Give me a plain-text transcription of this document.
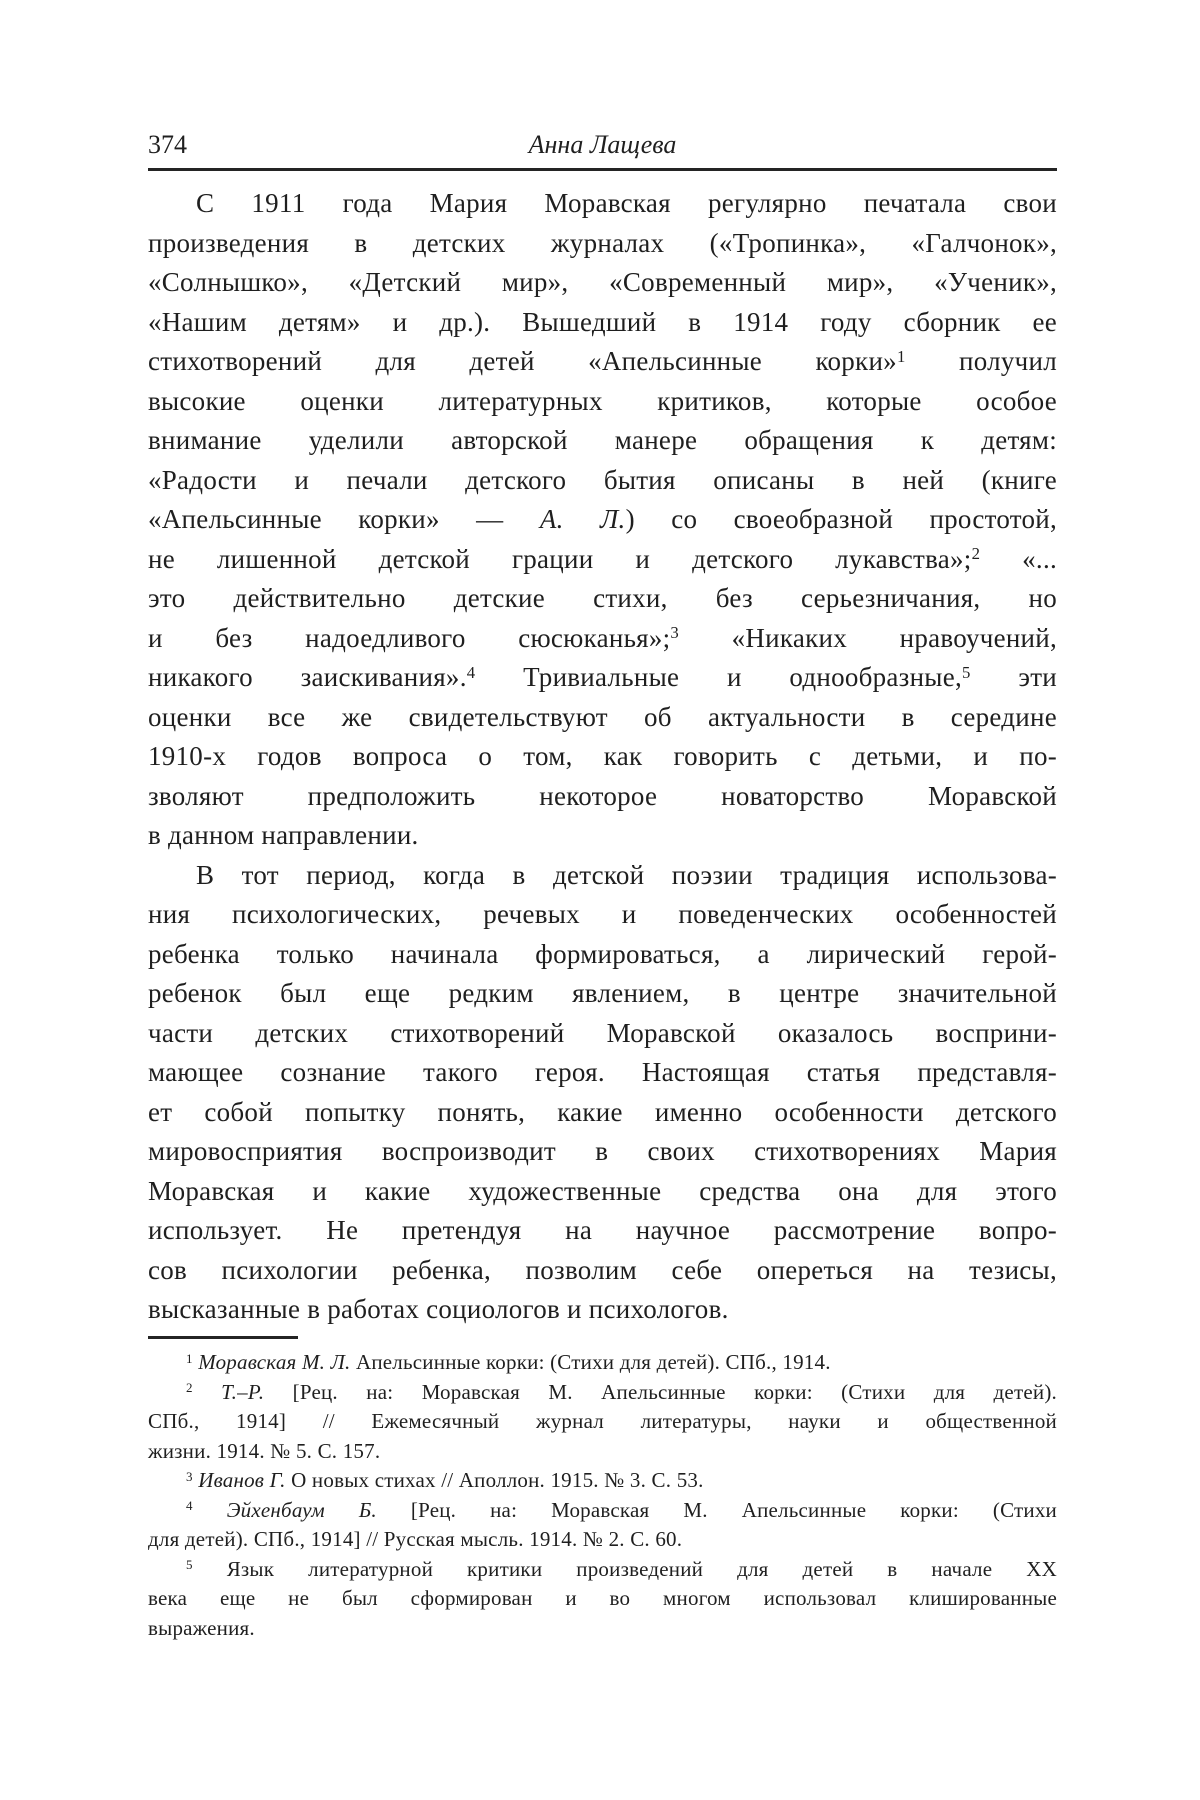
374	Анна Лащева
С 1911 года Мария Моравская регулярно печатала свои
произведения в детских журналах («Тропинка», «Галчонок»,
«Солнышко», «Детский мир», «Современный мир», «Ученик»,
«Нашим детям» и др.). Вышедший в 1914 году сборник ее
стихотворений для детей «Апельсинные корки»$^1$ получил
высокие оценки литературных критиков, которые особое
внимание уделили авторской манере обращения к детям:
«Радости и печали детского бытия описаны в ней (книге
«Апельсинные корки» — А. Л.) со своеобразной простотой,
не лишенной детской грации и детского лукавства»;$^2$ «...
это действительно детские стихи, без серьезничания, но
и без надоедливого сюсюканья»;$^3$ «Никаких нравоучений,
никакого заискивания».$^4$ Тривиальные и однообразные,$^5$ эти
оценки все же свидетельствуют об актуальности в середине
1910-х годов вопроса о том, как говорить с детьми, и по-
зволяют предположить некоторое новаторство Моравской
в данном направлении.
В тот период, когда в детской поэзии традиция использова-
ния психологических, речевых и поведенческих особенностей
ребенка только начинала формироваться, а лирический герой-
ребенок был еще редким явлением, в центре значительной
части детских стихотворений Моравской оказалось восприни-
мающее сознание такого героя. Настоящая статья представля-
ет собой попытку понять, какие именно особенности детского
мировосприятия воспроизводит в своих стихотворениях Мария
Моравская и какие художественные средства она для этого
использует. Не претендуя на научное рассмотрение вопро-
сов психологии ребенка, позволим себе опереться на тезисы,
высказанные в работах социологов и психологов.
$^1$ Моравская М. Л. Апельсинные корки: (Стихи для детей). СПб., 1914.
$^2$ Т.–Р. [Рец. на: Моравская М. Апельсинные корки: (Стихи для детей).
СПб., 1914] // Ежемесячный журнал литературы, науки и общественной
жизни. 1914. № 5. С. 157.
$^3$ Иванов Г. О новых стихах // Аполлон. 1915. № 3. С. 53.
$^4$ Эйхенбаум Б. [Рец. на: Моравская М. Апельсинные корки: (Стихи
для детей). СПб., 1914] // Русская мысль. 1914. № 2. С. 60.
$^5$ Язык литературной критики произведений для детей в начале XX
века еще не был сформирован и во многом использовал клишированные
выражения.
